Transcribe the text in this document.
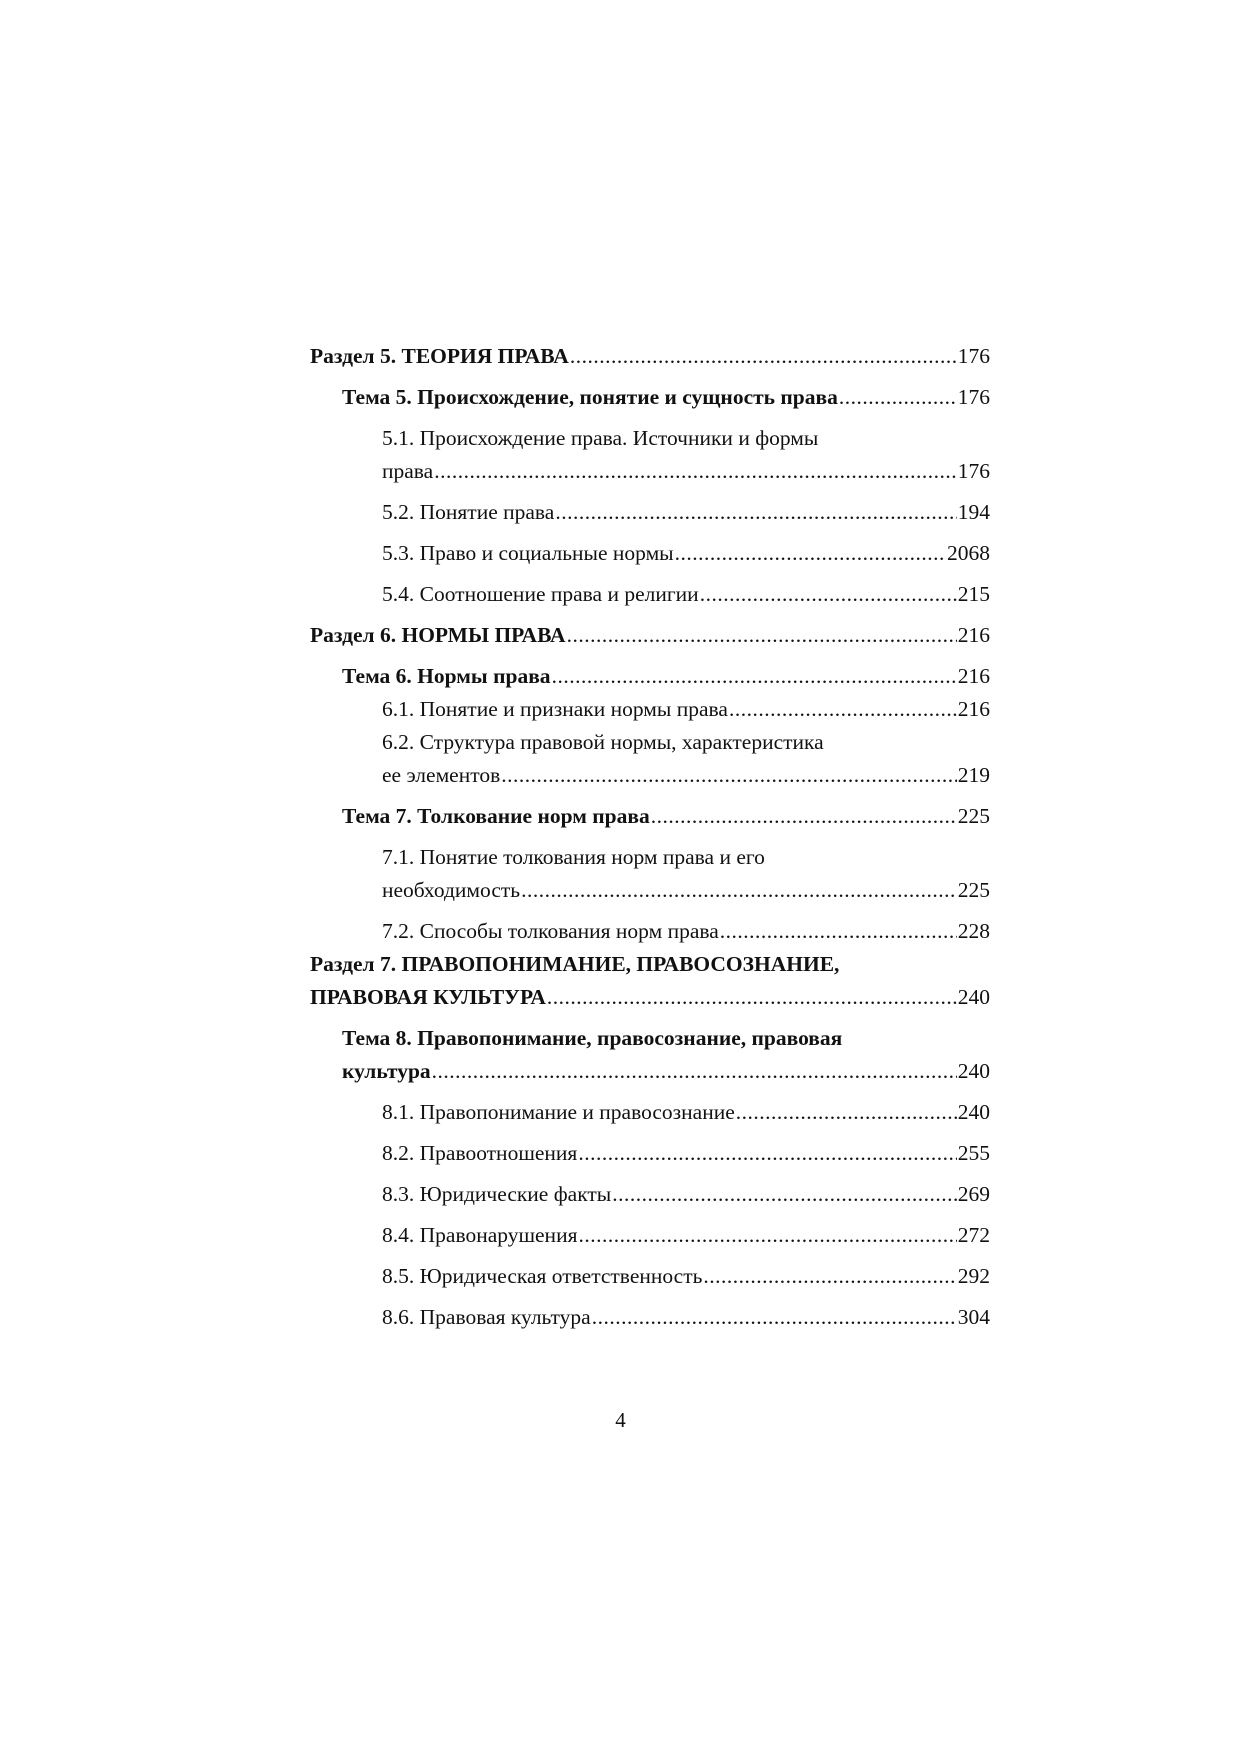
Раздел 5. ТЕОРИЯ ПРАВА .....	176
Тема 5. Происхождение, понятие и сущность права .....	176
5.1. Происхождение права. Источники и формы
права .....	176
5.2. Понятие права .....	194
5.3. Право и социальные нормы .....	2068
5.4. Соотношение права и религии .....	215
Раздел 6. НОРМЫ ПРАВА .....	216
Тема 6. Нормы права .....	216
6.1. Понятие и признаки нормы права .....	216
6.2. Структура правовой нормы, характеристика
ее элементов .....	219
Тема 7. Толкование норм права .....	225
7.1. Понятие толкования норм права и его
необходимость .....	225
7.2. Способы толкования норм права .....	228
Раздел 7. ПРАВОПОНИМАНИЕ, ПРАВОСОЗНАНИЕ,
ПРАВОВАЯ КУЛЬТУРА .....	240
Тема 8. Правопонимание, правосознание, правовая
культура .....	240
8.1. Правопонимание и правосознание .....	240
8.2. Правоотношения .....	255
8.3. Юридические факты .....	269
8.4. Правонарушения .....	272
8.5. Юридическая ответственность .....	292
8.6. Правовая культура .....	304
4
